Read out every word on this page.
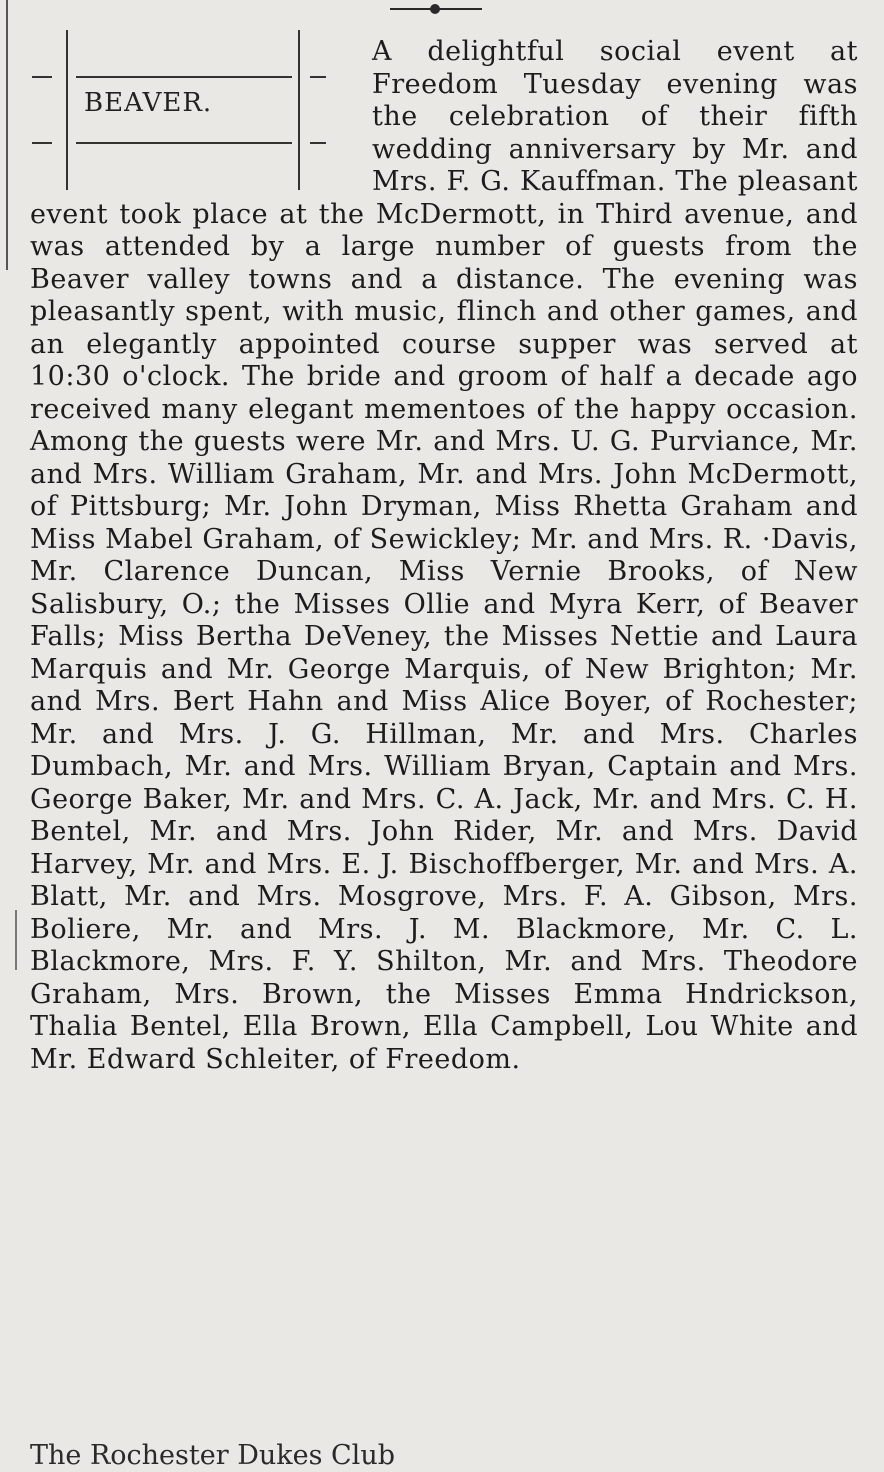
BEAVER.

A delightful social event at Freedom Tuesday evening was the celebration of their fifth wedding anniversary by Mr. and Mrs. F. G. Kauffman. The pleasant event took place at the McDermott, in Third avenue, and was attended by a large number of guests from the Beaver valley towns and a distance. The evening was pleasantly spent, with music, flinch and other games, and an elegantly appointed course supper was served at 10:30 o'clock. The bride and groom of half a decade ago received many elegant mementoes of the happy occasion. Among the guests were Mr. and Mrs. U. G. Purviance, Mr. and Mrs. William Graham, Mr. and Mrs. John McDermott, of Pittsburg; Mr. John Dryman, Miss Rhetta Graham and Miss Mabel Graham, of Sewickley; Mr. and Mrs. R. ·Davis, Mr. Clarence Duncan, Miss Vernie Brooks, of New Salisbury, O.; the Misses Ollie and Myra Kerr, of Beaver Falls; Miss Bertha DeVeney, the Misses Nettie and Laura Marquis and Mr. George Marquis, of New Brighton; Mr. and Mrs. Bert Hahn and Miss Alice Boyer, of Rochester; Mr. and Mrs. J. G. Hillman, Mr. and Mrs. Charles Dumbach, Mr. and Mrs. William Bryan, Captain and Mrs. George Baker, Mr. and Mrs. C. A. Jack, Mr. and Mrs. C. H. Bentel, Mr. and Mrs. John Rider, Mr. and Mrs. David Harvey, Mr. and Mrs. E. J. Bischoffberger, Mr. and Mrs. A. Blatt, Mr. and Mrs. Mosgrove, Mrs. F. A. Gibson, Mrs. Boliere, Mr. and Mrs. J. M. Blackmore, Mr. C. L. Blackmore, Mrs. F. Y. Shilton, Mr. and Mrs. Theodore Graham, Mrs. Brown, the Misses Emma Hndrickson, Thalia Bentel, Ella Brown, Ella Campbell, Lou White and Mr. Edward Schleiter, of Freedom.

The Rochester Dukes Club
